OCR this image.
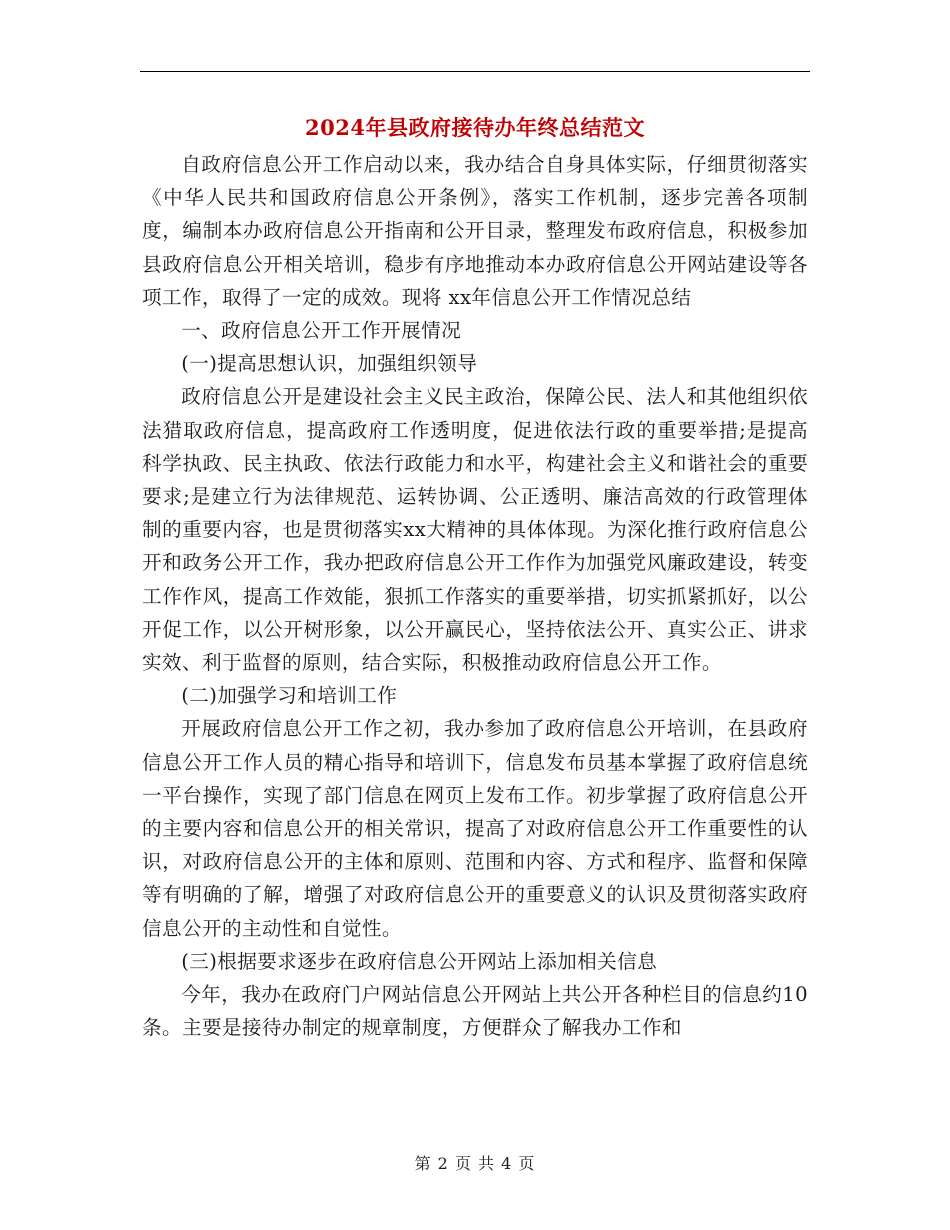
2024年县政府接待办年终总结范文

自政府信息公开工作启动以来，我办结合自身具体实际，仔细贯彻落实《中华人民共和国政府信息公开条例》，落实工作机制，逐步完善各项制度，编制本办政府信息公开指南和公开目录，整理发布政府信息，积极参加县政府信息公开相关培训，稳步有序地推动本办政府信息公开网站建设等各项工作，取得了一定的成效。现将 xx年信息公开工作情况总结

一、政府信息公开工作开展情况

(一)提高思想认识，加强组织领导

政府信息公开是建设社会主义民主政治，保障公民、法人和其他组织依法猎取政府信息，提高政府工作透明度，促进依法行政的重要举措;是提高科学执政、民主执政、依法行政能力和水平，构建社会主义和谐社会的重要要求;是建立行为法律规范、运转协调、公正透明、廉洁高效的行政管理体制的重要内容，也是贯彻落实xx大精神的具体体现。为深化推行政府信息公开和政务公开工作，我办把政府信息公开工作作为加强党风廉政建设，转变工作作风，提高工作效能，狠抓工作落实的重要举措，切实抓紧抓好，以公开促工作，以公开树形象，以公开赢民心，坚持依法公开、真实公正、讲求实效、利于监督的原则，结合实际，积极推动政府信息公开工作。

(二)加强学习和培训工作

开展政府信息公开工作之初，我办参加了政府信息公开培训，在县政府信息公开工作人员的精心指导和培训下，信息发布员基本掌握了政府信息统一平台操作，实现了部门信息在网页上发布工作。初步掌握了政府信息公开的主要内容和信息公开的相关常识，提高了对政府信息公开工作重要性的认识，对政府信息公开的主体和原则、范围和内容、方式和程序、监督和保障等有明确的了解，增强了对政府信息公开的重要意义的认识及贯彻落实政府信息公开的主动性和自觉性。

(三)根据要求逐步在政府信息公开网站上添加相关信息

今年，我办在政府门户网站信息公开网站上共公开各种栏目的信息约10条。主要是接待办制定的规章制度，方便群众了解我办工作和

第 2 页 共 4 页
